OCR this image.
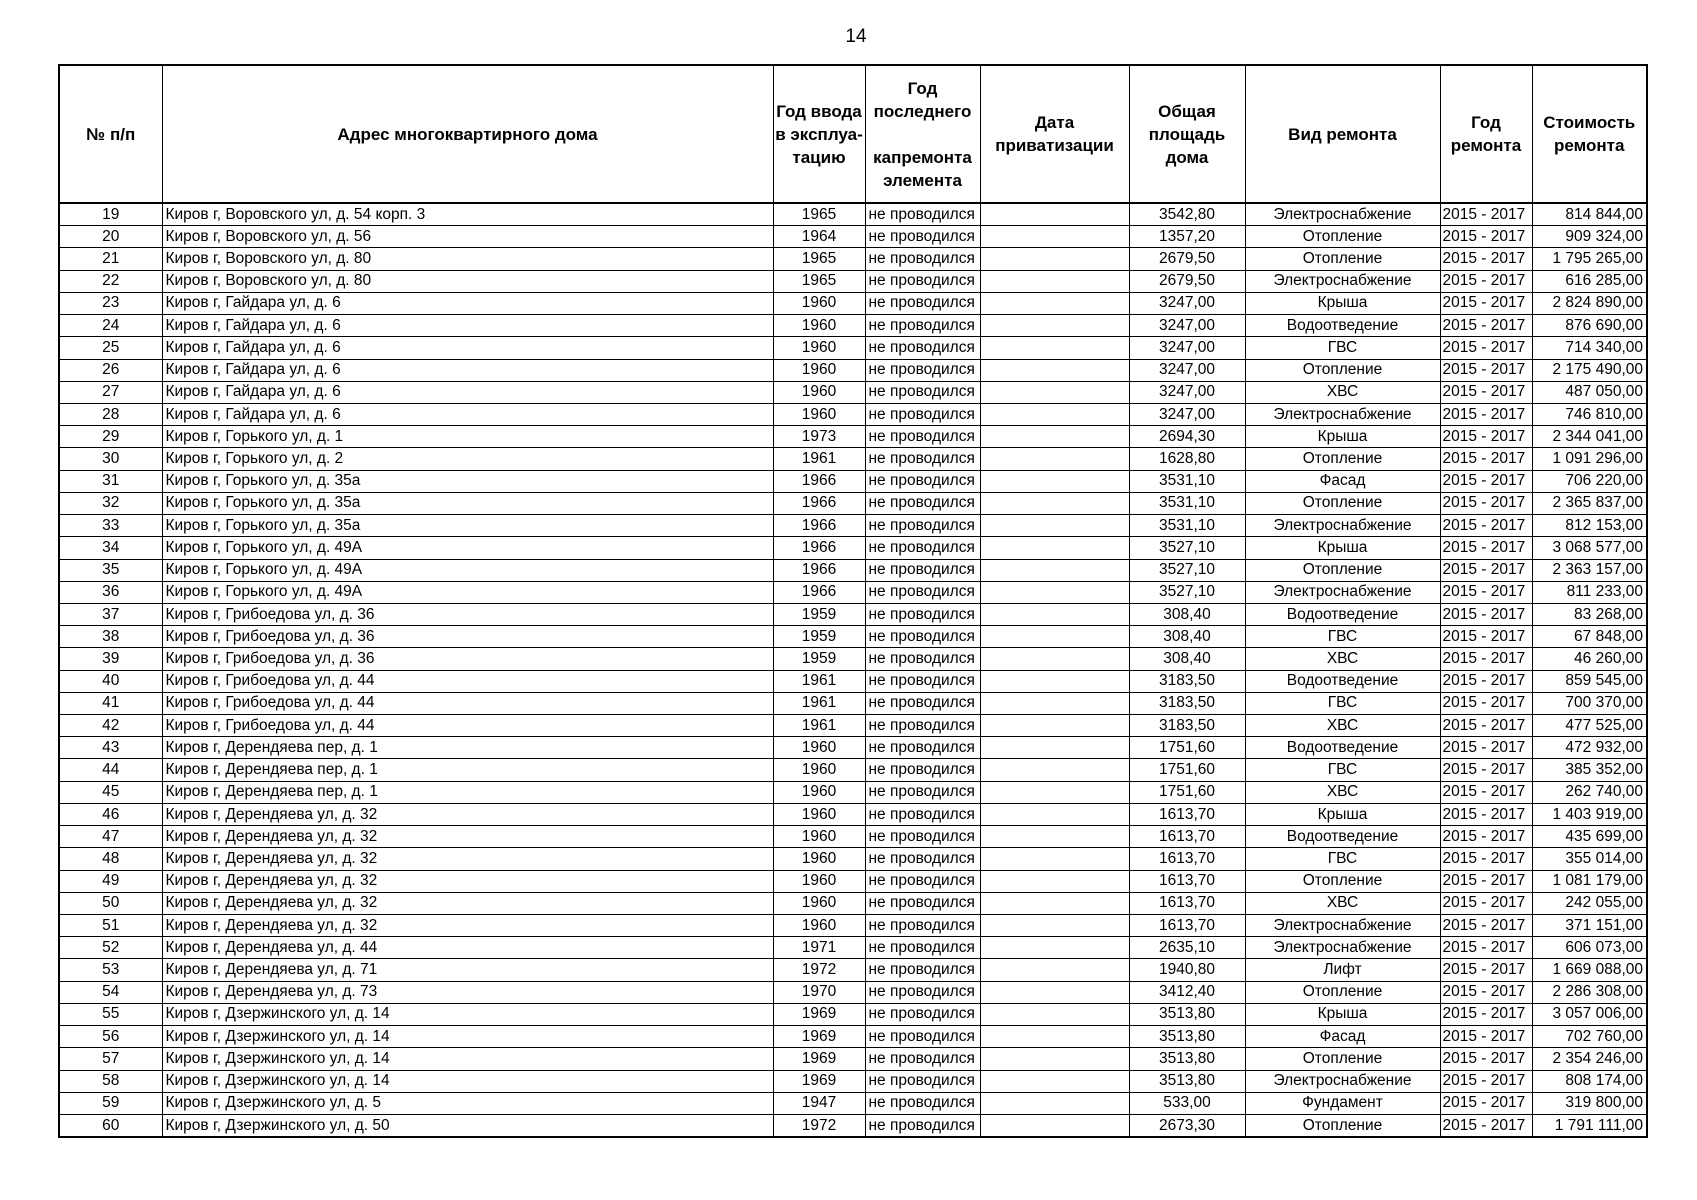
14
№ п/п	Адрес многоквартирного дома	Год ввода в эксплуа-тацию	Год последнего
капремонта элемента	Дата приватизации	Общая площадь дома	Вид ремонта	Год ремонта	Стоимость ремонта
19	Киров г, Воровского ул, д. 54 корп. 3	1965	не проводился		3542,80	Электроснабжение	2015 - 2017	814 844,00
20	Киров г, Воровского ул, д. 56	1964	не проводился		1357,20	Отопление	2015 - 2017	909 324,00
21	Киров г, Воровского ул, д. 80	1965	не проводился		2679,50	Отопление	2015 - 2017	1 795 265,00
22	Киров г, Воровского ул, д. 80	1965	не проводился		2679,50	Электроснабжение	2015 - 2017	616 285,00
23	Киров г, Гайдара ул, д. 6	1960	не проводился		3247,00	Крыша	2015 - 2017	2 824 890,00
24	Киров г, Гайдара ул, д. 6	1960	не проводился		3247,00	Водоотведение	2015 - 2017	876 690,00
25	Киров г, Гайдара ул, д. 6	1960	не проводился		3247,00	ГВС	2015 - 2017	714 340,00
26	Киров г, Гайдара ул, д. 6	1960	не проводился		3247,00	Отопление	2015 - 2017	2 175 490,00
27	Киров г, Гайдара ул, д. 6	1960	не проводился		3247,00	ХВС	2015 - 2017	487 050,00
28	Киров г, Гайдара ул, д. 6	1960	не проводился		3247,00	Электроснабжение	2015 - 2017	746 810,00
29	Киров г, Горького ул, д. 1	1973	не проводился		2694,30	Крыша	2015 - 2017	2 344 041,00
30	Киров г, Горького ул, д. 2	1961	не проводился		1628,80	Отопление	2015 - 2017	1 091 296,00
31	Киров г, Горького ул, д. 35а	1966	не проводился		3531,10	Фасад	2015 - 2017	706 220,00
32	Киров г, Горького ул, д. 35а	1966	не проводился		3531,10	Отопление	2015 - 2017	2 365 837,00
33	Киров г, Горького ул, д. 35а	1966	не проводился		3531,10	Электроснабжение	2015 - 2017	812 153,00
34	Киров г, Горького ул, д. 49А	1966	не проводился		3527,10	Крыша	2015 - 2017	3 068 577,00
35	Киров г, Горького ул, д. 49А	1966	не проводился		3527,10	Отопление	2015 - 2017	2 363 157,00
36	Киров г, Горького ул, д. 49А	1966	не проводился		3527,10	Электроснабжение	2015 - 2017	811 233,00
37	Киров г, Грибоедова ул, д. 36	1959	не проводился		308,40	Водоотведение	2015 - 2017	83 268,00
38	Киров г, Грибоедова ул, д. 36	1959	не проводился		308,40	ГВС	2015 - 2017	67 848,00
39	Киров г, Грибоедова ул, д. 36	1959	не проводился		308,40	ХВС	2015 - 2017	46 260,00
40	Киров г, Грибоедова ул, д. 44	1961	не проводился		3183,50	Водоотведение	2015 - 2017	859 545,00
41	Киров г, Грибоедова ул, д. 44	1961	не проводился		3183,50	ГВС	2015 - 2017	700 370,00
42	Киров г, Грибоедова ул, д. 44	1961	не проводился		3183,50	ХВС	2015 - 2017	477 525,00
43	Киров г, Дерендяева пер, д. 1	1960	не проводился		1751,60	Водоотведение	2015 - 2017	472 932,00
44	Киров г, Дерендяева пер, д. 1	1960	не проводился		1751,60	ГВС	2015 - 2017	385 352,00
45	Киров г, Дерендяева пер, д. 1	1960	не проводился		1751,60	ХВС	2015 - 2017	262 740,00
46	Киров г, Дерендяева ул, д. 32	1960	не проводился		1613,70	Крыша	2015 - 2017	1 403 919,00
47	Киров г, Дерендяева ул, д. 32	1960	не проводился		1613,70	Водоотведение	2015 - 2017	435 699,00
48	Киров г, Дерендяева ул, д. 32	1960	не проводился		1613,70	ГВС	2015 - 2017	355 014,00
49	Киров г, Дерендяева ул, д. 32	1960	не проводился		1613,70	Отопление	2015 - 2017	1 081 179,00
50	Киров г, Дерендяева ул, д. 32	1960	не проводился		1613,70	ХВС	2015 - 2017	242 055,00
51	Киров г, Дерендяева ул, д. 32	1960	не проводился		1613,70	Электроснабжение	2015 - 2017	371 151,00
52	Киров г, Дерендяева ул, д. 44	1971	не проводился		2635,10	Электроснабжение	2015 - 2017	606 073,00
53	Киров г, Дерендяева ул, д. 71	1972	не проводился		1940,80	Лифт	2015 - 2017	1 669 088,00
54	Киров г, Дерендяева ул, д. 73	1970	не проводился		3412,40	Отопление	2015 - 2017	2 286 308,00
55	Киров г, Дзержинского ул, д. 14	1969	не проводился		3513,80	Крыша	2015 - 2017	3 057 006,00
56	Киров г, Дзержинского ул, д. 14	1969	не проводился		3513,80	Фасад	2015 - 2017	702 760,00
57	Киров г, Дзержинского ул, д. 14	1969	не проводился		3513,80	Отопление	2015 - 2017	2 354 246,00
58	Киров г, Дзержинского ул, д. 14	1969	не проводился		3513,80	Электроснабжение	2015 - 2017	808 174,00
59	Киров г, Дзержинского ул, д. 5	1947	не проводился		533,00	Фундамент	2015 - 2017	319 800,00
60	Киров г, Дзержинского ул, д. 50	1972	не проводился		2673,30	Отопление	2015 - 2017	1 791 111,00
